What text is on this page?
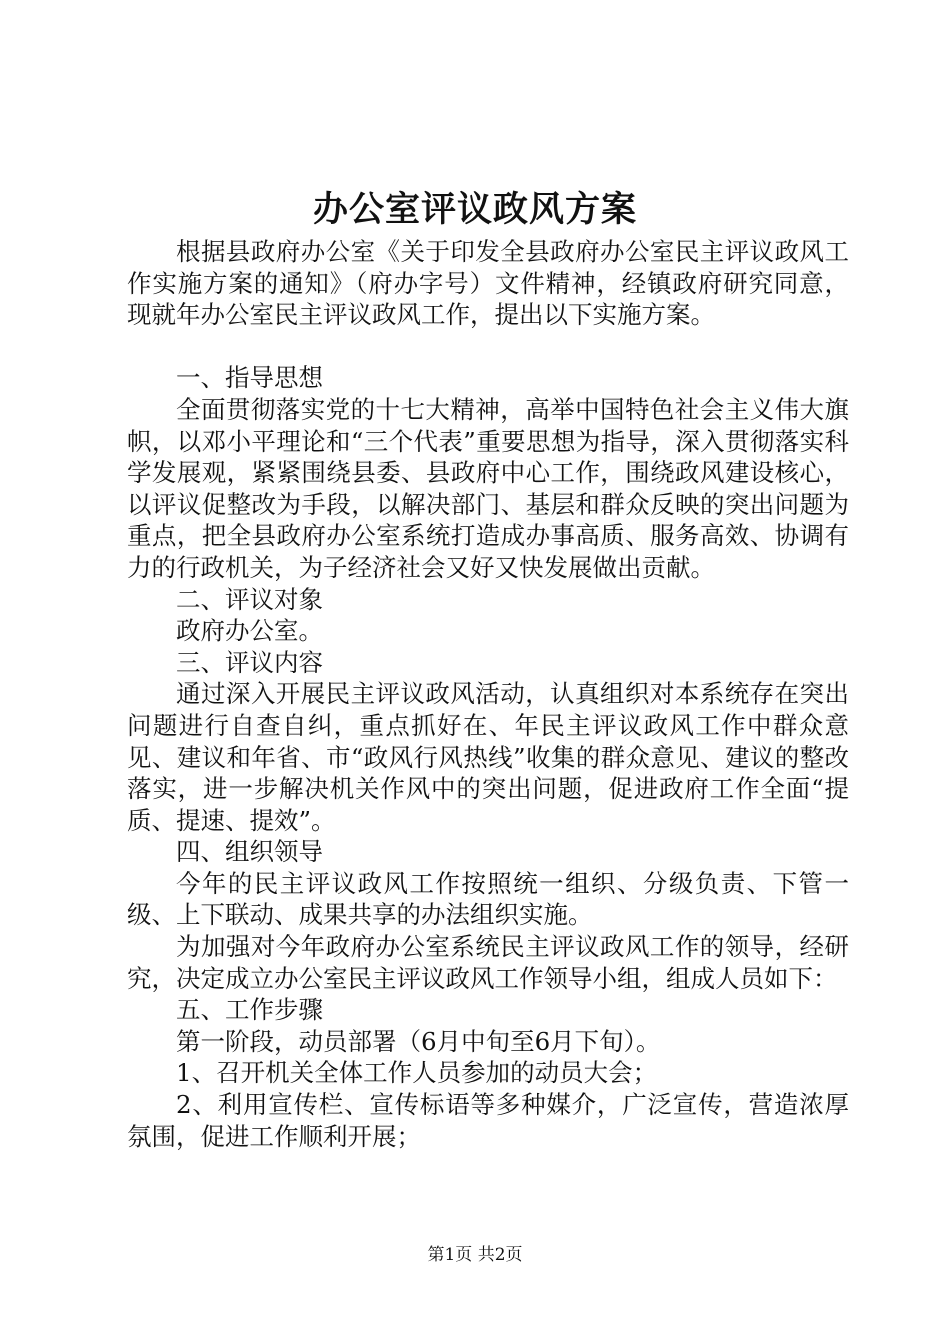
办公室评议政风方案

根据县政府办公室《关于印发全县政府办公室民主评议政风工作实施方案的通知》（府办字号）文件精神，经镇政府研究同意，现就年办公室民主评议政风工作，提出以下实施方案。

一、指导思想

全面贯彻落实党的十七大精神，高举中国特色社会主义伟大旗帜，以邓小平理论和“三个代表”重要思想为指导，深入贯彻落实科学发展观，紧紧围绕县委、县政府中心工作，围绕政风建设核心，以评议促整改为手段，以解决部门、基层和群众反映的突出问题为重点，把全县政府办公室系统打造成办事高质、服务高效、协调有力的行政机关，为子经济社会又好又快发展做出贡献。

二、评议对象

政府办公室。

三、评议内容

通过深入开展民主评议政风活动，认真组织对本系统存在突出问题进行自查自纠，重点抓好在、年民主评议政风工作中群众意见、建议和年省、市“政风行风热线”收集的群众意见、建议的整改落实，进一步解决机关作风中的突出问题，促进政府工作全面“提质、提速、提效”。

四、组织领导

今年的民主评议政风工作按照统一组织、分级负责、下管一级、上下联动、成果共享的办法组织实施。

为加强对今年政府办公室系统民主评议政风工作的领导，经研究，决定成立办公室民主评议政风工作领导小组，组成人员如下：

五、工作步骤

第一阶段，动员部署（6月中旬至6月下旬）。

1、召开机关全体工作人员参加的动员大会；

2、利用宣传栏、宣传标语等多种媒介，广泛宣传，营造浓厚氛围，促进工作顺利开展；

第1页 共2页
